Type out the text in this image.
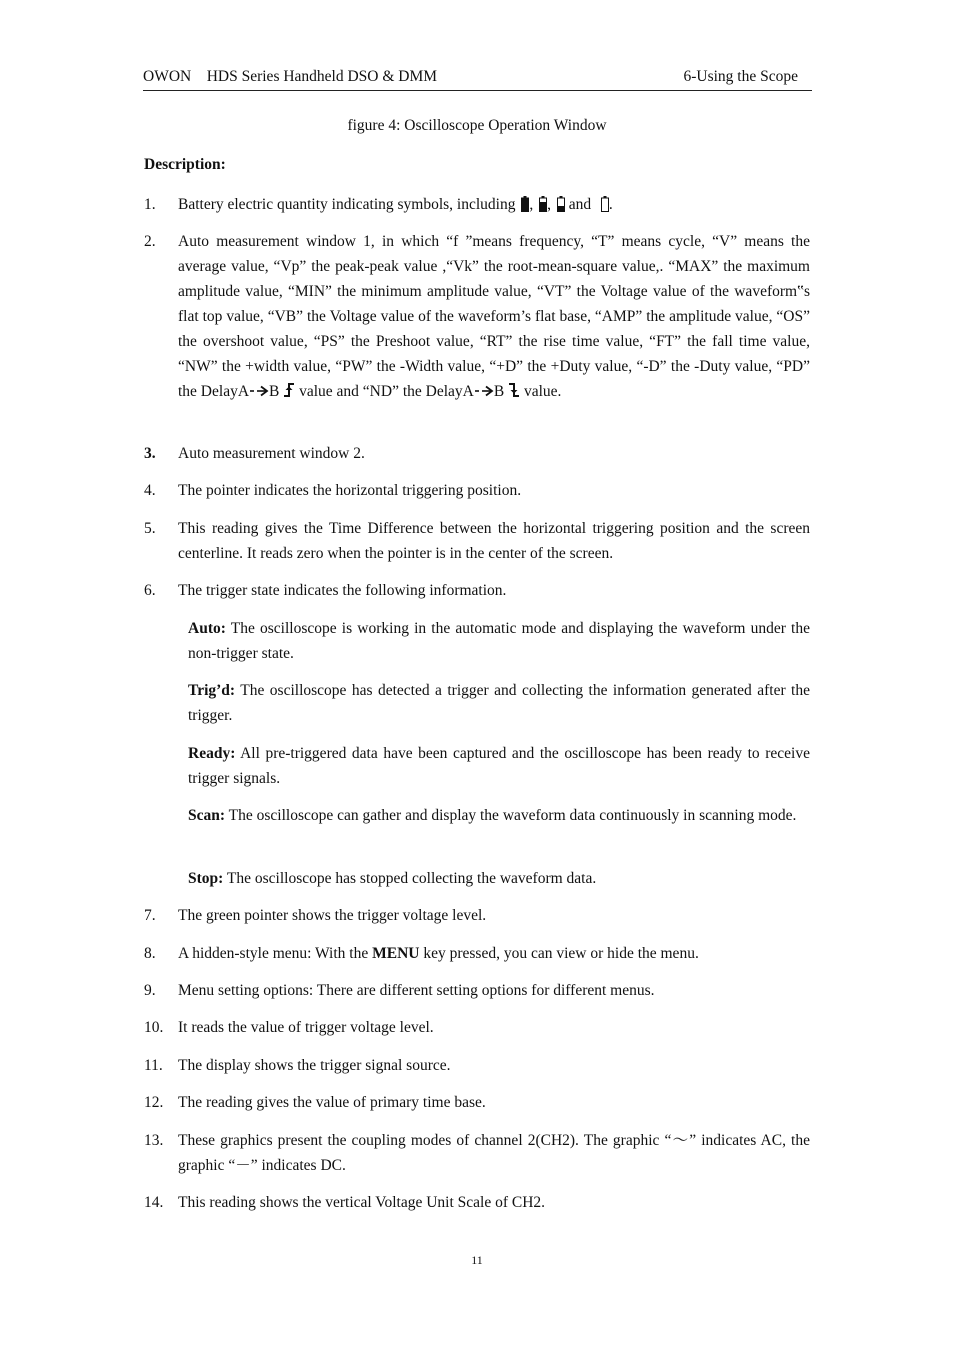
OWON    HDS Series Handheld DSO & DMM	6-Using the Scope
figure 4: Oscilloscope Operation Window
Description:
1. Battery electric quantity indicating symbols, including
, ,
and
.
2. Auto measurement window 1, in which “f ”means frequency, “T” means cycle, “V” means the average value, “Vp” the peak-peak value ,“Vk” the root-mean-square value,. “MAX” the maximum amplitude value, “MIN” the minimum amplitude value, “VT” the Voltage value of the waveform‟s flat top value, “VB” the Voltage value of the waveform’s flat base, “AMP” the amplitude value, “OS” the overshoot value, “PS” the Preshoot value, “RT” the rise time value, “FT” the fall time value, “NW” the +width value, “PW” the -Width value, “+D” the +Duty value, “-D” the -Duty value, “PD” the DelayA B  value and “ND” the DelayA B  value.
3. Auto measurement window 2.
4. The pointer indicates the horizontal triggering position.
5. This reading gives the Time Difference between the horizontal triggering position and the screen centerline. It reads zero when the pointer is in the center of the screen.
6. The trigger state indicates the following information.
Auto: The oscilloscope is working in the automatic mode and displaying the waveform under the non-trigger state.
Trig’d: The oscilloscope has detected a trigger and collecting the information generated after the trigger.
Ready: All pre-triggered data have been captured and the oscilloscope has been ready to receive trigger signals.
Scan: The oscilloscope can gather and display the waveform data continuously in scanning mode.
Stop: The oscilloscope has stopped collecting the waveform data.
7. The green pointer shows the trigger voltage level.
8. A hidden-style menu: With the MENU key pressed, you can view or hide the menu.
9. Menu setting options: There are different setting options for different menus.
10. It reads the value of trigger voltage level.
11. The display shows the trigger signal source.
12. The reading gives the value of primary time base.
13. These graphics present the coupling modes of channel 2(CH2). The graphic “～” indicates AC, the graphic “－” indicates DC.
14. This reading shows the vertical Voltage Unit Scale of CH2.
11
